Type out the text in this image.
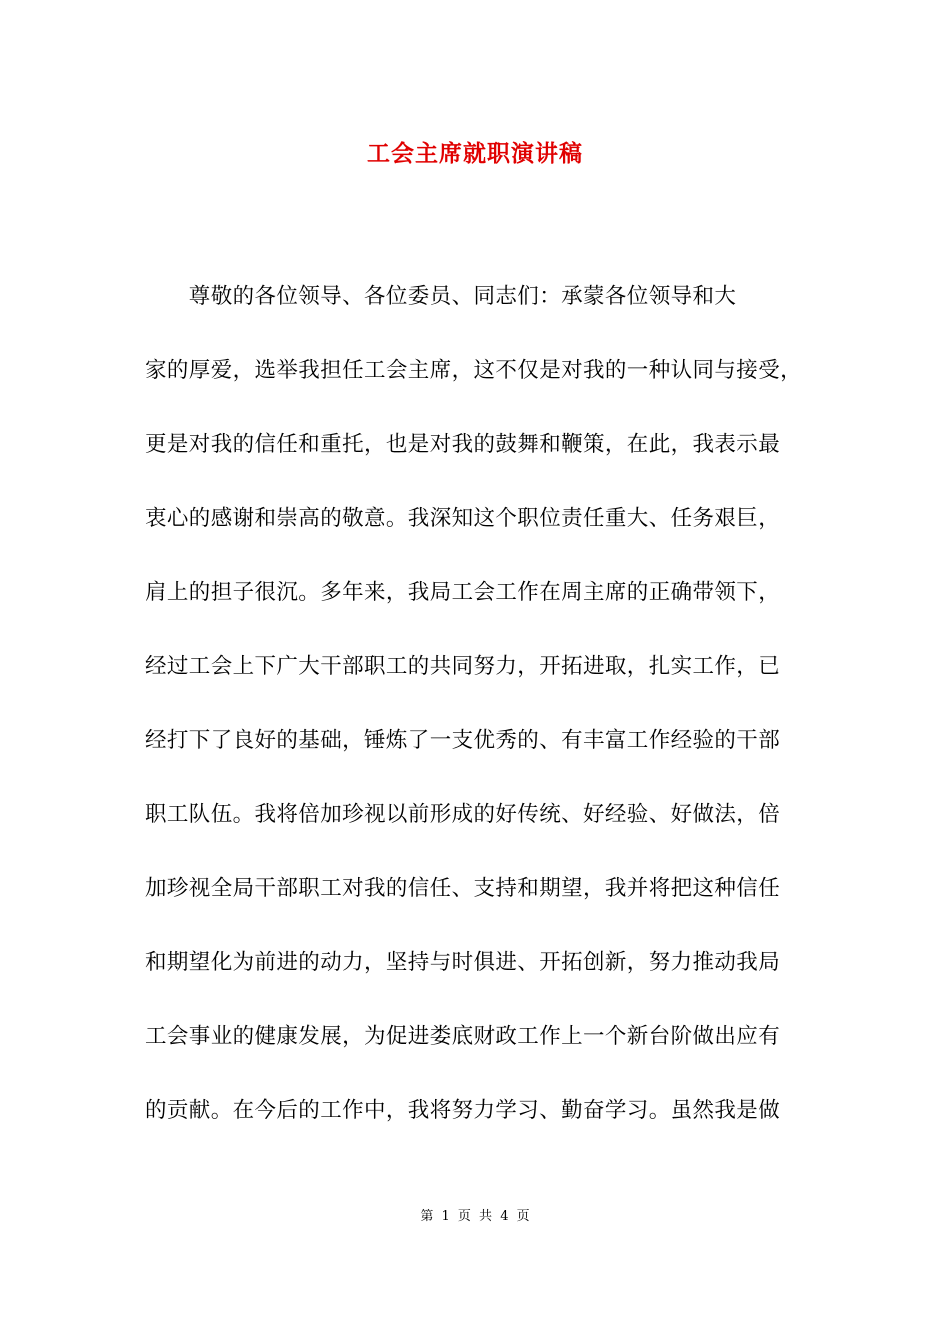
工会主席就职演讲稿
　　尊敬的各位领导、各位委员、同志们：承蒙各位领导和大
家的厚爱，选举我担任工会主席，这不仅是对我的一种认同与接受，
更是对我的信任和重托，也是对我的鼓舞和鞭策，在此，我表示最
衷心的感谢和崇高的敬意。我深知这个职位责任重大、任务艰巨，
肩上的担子很沉。多年来，我局工会工作在周主席的正确带领下，
经过工会上下广大干部职工的共同努力，开拓进取，扎实工作，已
经打下了良好的基础，锤炼了一支优秀的、有丰富工作经验的干部
职工队伍。我将倍加珍视以前形成的好传统、好经验、好做法，倍
加珍视全局干部职工对我的信任、支持和期望，我并将把这种信任
和期望化为前进的动力，坚持与时俱进、开拓创新，努力推动我局
工会事业的健康发展，为促进娄底财政工作上一个新台阶做出应有
的贡献。在今后的工作中，我将努力学习、勤奋学习。虽然我是做
第 1 页 共 4 页
